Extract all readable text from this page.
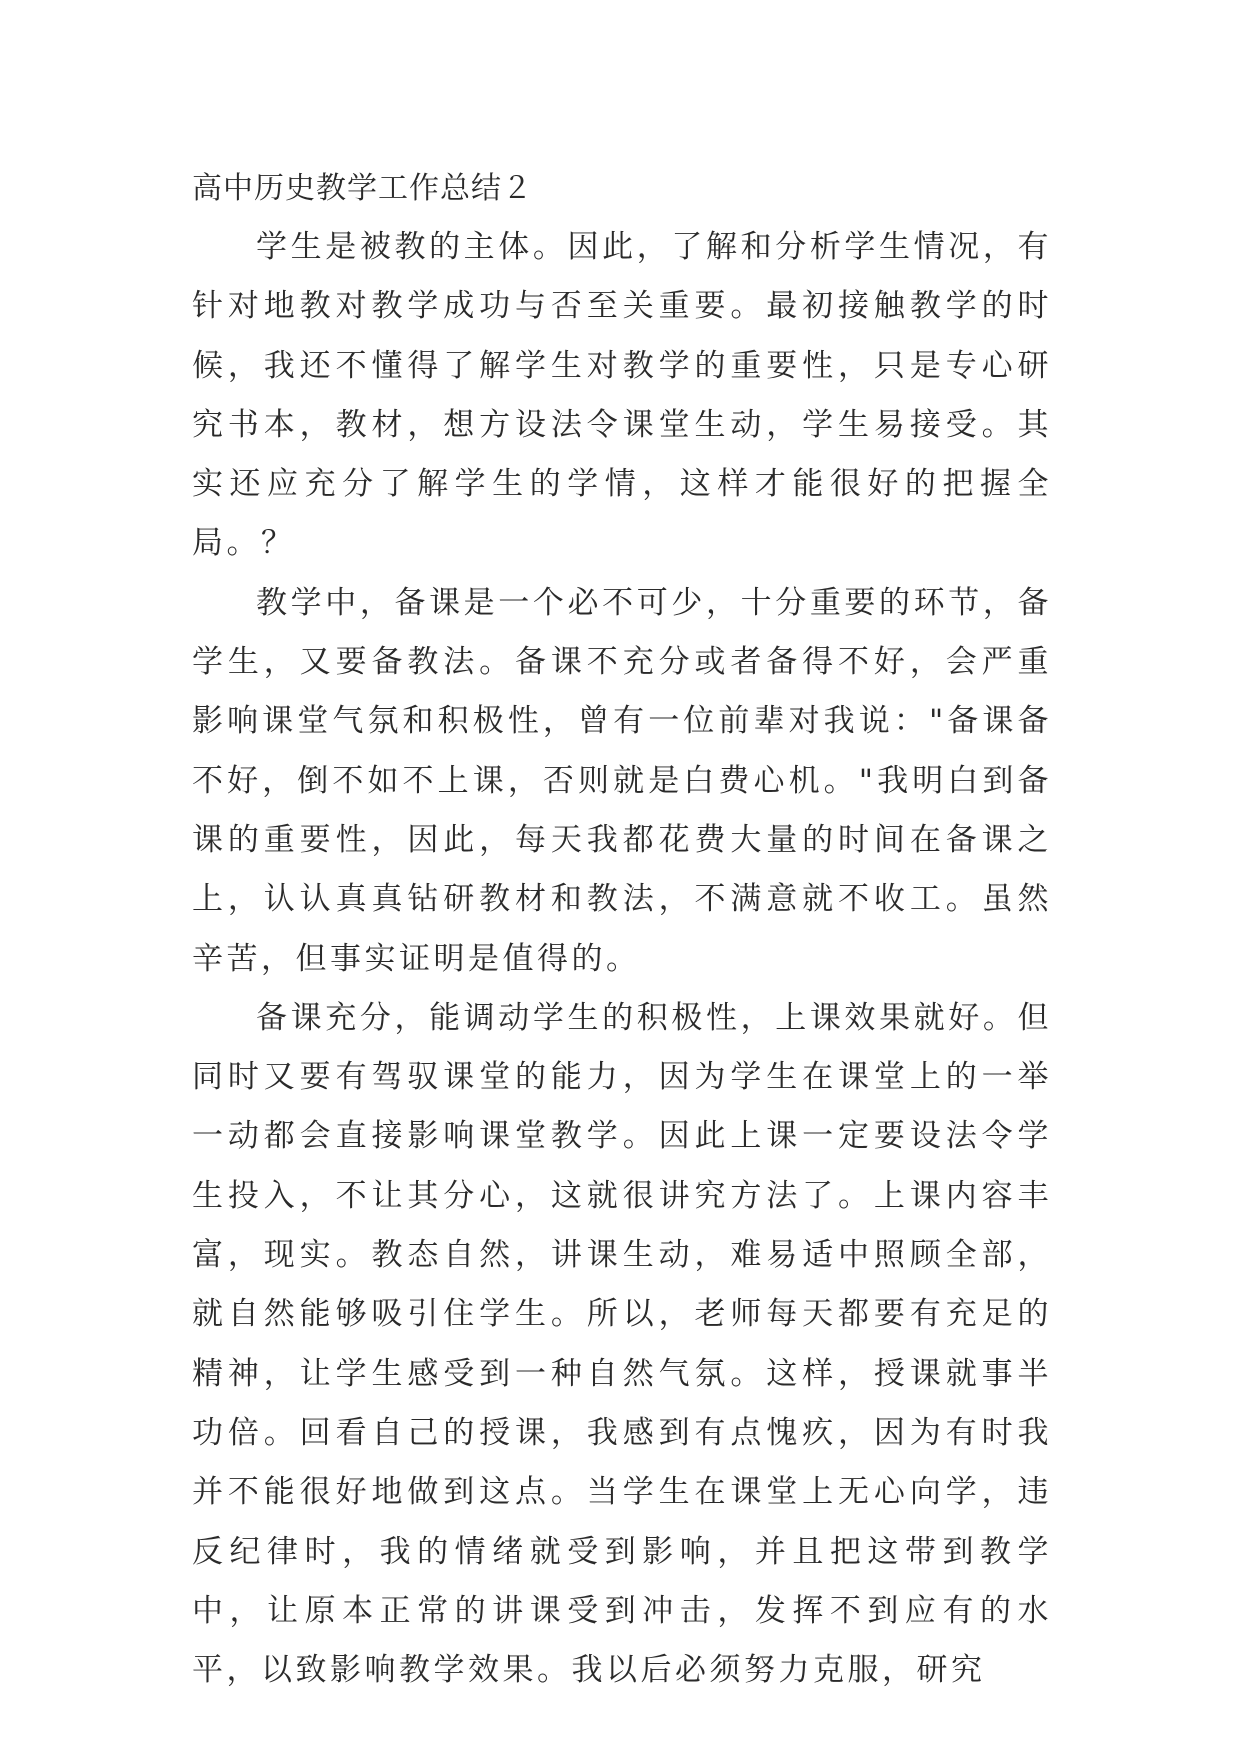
高中历史教学工作总结２

学生是被教的主体。因此，了解和分析学生情况，有针对地教对教学成功与否至关重要。最初接触教学的时候，我还不懂得了解学生对教学的重要性，只是专心研究书本，教材，想方设法令课堂生动，学生易接受。其实还应充分了解学生的学情，这样才能很好的把握全局。？

教学中，备课是一个必不可少，十分重要的环节，备学生，又要备教法。备课不充分或者备得不好，会严重影响课堂气氛和积极性，曾有一位前辈对我说："备课备不好，倒不如不上课，否则就是白费心机。"我明白到备课的重要性，因此，每天我都花费大量的时间在备课之上，认认真真钻研教材和教法，不满意就不收工。虽然辛苦，但事实证明是值得的。

备课充分，能调动学生的积极性，上课效果就好。但同时又要有驾驭课堂的能力，因为学生在课堂上的一举一动都会直接影响课堂教学。因此上课一定要设法令学生投入，不让其分心，这就很讲究方法了。上课内容丰富，现实。教态自然，讲课生动，难易适中照顾全部，就自然能够吸引住学生。所以，老师每天都要有充足的精神，让学生感受到一种自然气氛。这样，授课就事半功倍。回看自己的授课，我感到有点愧疚，因为有时我并不能很好地做到这点。当学生在课堂上无心向学，违反纪律时，我的情绪就受到影响，并且把这带到教学中，让原本正常的讲课受到冲击，发挥不到应有的水平，以致影响教学效果。我以后必须努力克服，研究
